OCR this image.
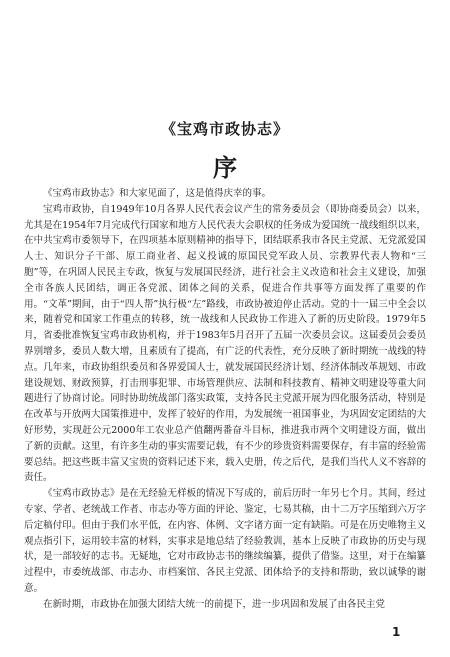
《宝鸡市政协志》
序

《宝鸡市政协志》和大家见面了，这是值得庆幸的事。

宝鸡市政协，自1949年10月各界人民代表会议产生的常务委员会（即协商委员会）以来，尤其是在1954年7月完成代行国家和地方人民代表大会职权的任务成为爱国统一战线组织以来，在中共宝鸡市委领导下，在四项基本原则精神的指导下，团结联系我市各民主党派、无党派爱国人士、知识分子干部、原工商业者、起义投诚的原国民党军政人员、宗教界代表人物和“三胞”等，在巩固人民民主专政，恢复与发展国民经济，进行社会主义改造和社会主义建设，加强全市各族人民团结，调正各党派、团体之间的关系，促进合作共事等方面发挥了重要的作用。“文革”期间，由于“四人帮”执行极“左”路线，市政协被迫停止活动。党的十一届三中全会以来，随着党和国家工作重点的转移，统一战线和人民政协工作进入了新的历史阶段。1979年5月，省委批准恢复宝鸡市政协机构，并于1983年5月召开了五届一次委员会议。这届委员会委员界别增多，委员人数大增，且素质有了提高，有广泛的代表性，充分反映了新时期统一战线的特点。几年来，市政协组织委员和各界爱国人士，就发展国民经济计划、经济体制改革规划、市政建设规划、财政预算，打击刑事犯罪、市场管理供应、法制和科技教育、精神文明建设等重大问题进行了协商讨论。同时协助统战部门落实政策，支持各民主党派开展为四化服务活动，特别是在改革与开放两大国策推进中，发挥了较好的作用，为发展统一祖国事业，为巩固安定团结的大好形势，实现赶公元2000年工农业总产值翻两番奋斗目标，推进我市两个文明建设方面，做出了新的贡献。这里，有许多生动的事实需要记载，有不少的珍贵资料需要保存，有丰富的经验需要总结。把这些既丰富又宝贵的资料记述下来，载入史册，传之后代，是我们当代人义不容辞的责任。

《宝鸡市政协志》是在无经验无样板的情况下写成的，前后历时一年另七个月。其间，经过专家、学者、老统战工作者、市志办等方面的评论、鉴定，七易其稿，由十二万字压缩到六万字后定稿付印。但由于我们水平低，在内容、体例、文字诸方面一定有缺陷。可是在历史唯物主义观点指引下，运用较丰富的材料，实事求是地总结了经验教训，基本上反映了市政协的历史与现状，是一部较好的志书。无疑地，它对市政协志书的继续编纂，提供了借鉴。这里，对于在编纂过程中，市委统战部、市志办、市档案馆、各民主党派、团体给予的支持和帮助，致以诚挚的谢意。

在新时期，市政协在加强大团结大统一的前提下，进一步巩固和发展了由各民主党

1
